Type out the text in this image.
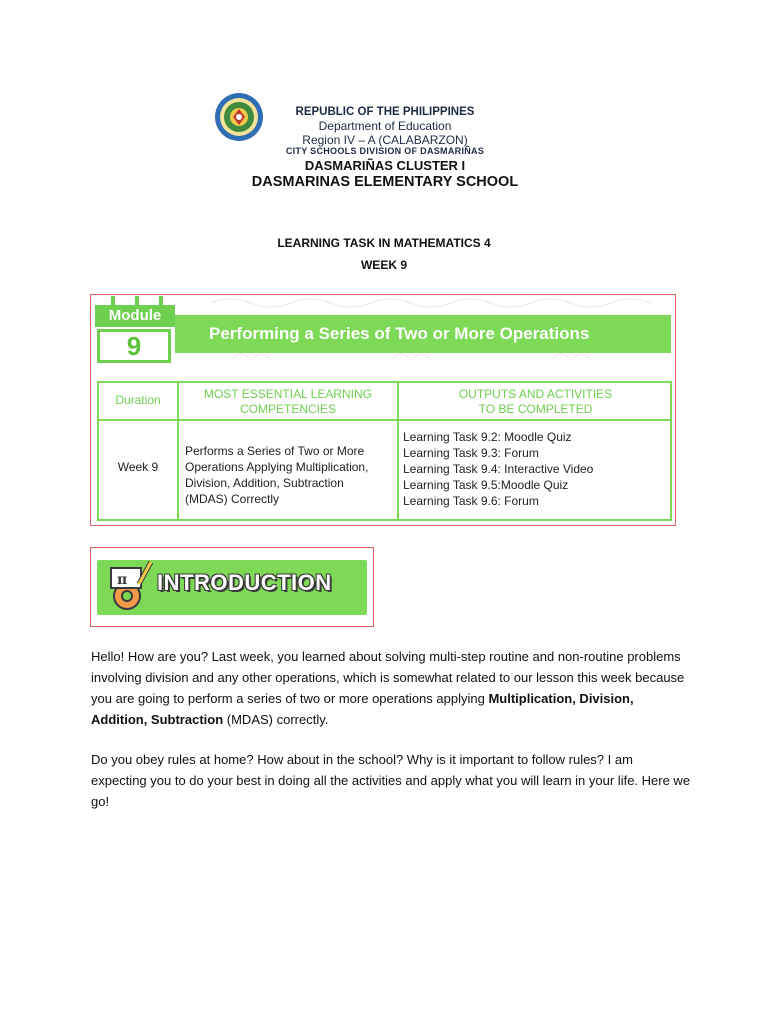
REPUBLIC OF THE PHILIPPINES
Department of Education
Region IV – A (CALABARZON)
CITY SCHOOLS DIVISION OF DASMARIÑAS
DASMARIÑAS CLUSTER I
DASMARINAS ELEMENTARY SCHOOL
LEARNING TASK IN MATHEMATICS 4
WEEK 9
Module
9	Performing a Series of Two or More Operations
Duration	MOST ESSENTIAL LEARNING
COMPETENCIES
OUTPUTS AND ACTIVITIES
TO BE COMPLETED
Week 9
Performs a Series of Two or More
Operations Applying Multiplication,
Division, Addition, Subtraction
(MDAS) Correctly
Learning Task 9.2: Moodle Quiz
Learning Task 9.3: Forum
Learning Task 9.4: Interactive Video
Learning Task 9.5:Moodle Quiz
Learning Task 9.6: Forum
π INTRODUCTION
Hello! How are you? Last week, you learned about solving multi-step routine and non-routine problems involving division and any other operations, which is somewhat related to our lesson this week because you are going to perform a series of two or more operations applying Multiplication, Division, Addition, Subtraction (MDAS) correctly.
Do you obey rules at home? How about in the school? Why is it important to follow rules? I am expecting you to do your best in doing all the activities and apply what you will learn in your life. Here we go!
